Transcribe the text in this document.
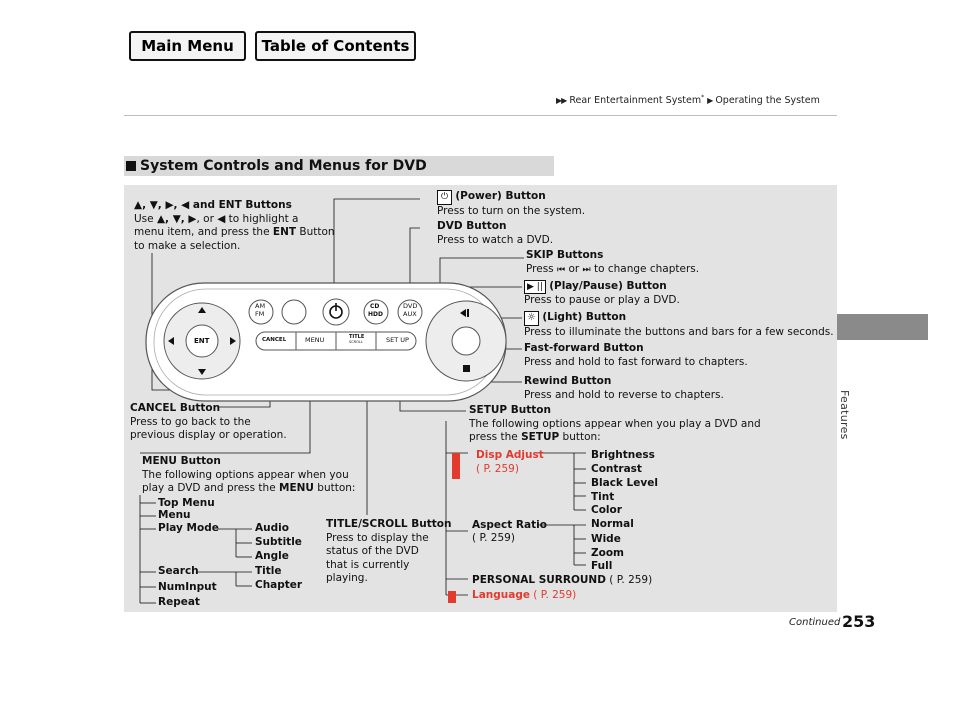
Main Menu	Table of Contents
▶▶ Rear Entertainment System* ▶ Operating the System
Features
System Controls and Menus for DVD
ENT
AM
FM
CD
HDD
DVD
AUX
CANCEL	MENU	TITLE
SCROLL	SET UP
▲, ▼, ▶, ◀ and ENT Buttons
Use ▲, ▼, ▶, or ◀ to highlight a
menu item, and press the ENT Button
to make a selection.
⏻ (Power) Button
Press to turn on the system.
DVD Button
Press to watch a DVD.
SKIP Buttons
Press ⏮ or ⏭ to change chapters.
▶ || (Play/Pause) Button
Press to pause or play a DVD.
☼ (Light) Button
Press to illuminate the buttons and bars for a few seconds.
Fast-forward Button
Press and hold to fast forward to chapters.
Rewind Button
Press and hold to reverse to chapters.
CANCEL Button
Press to go back to the
previous display or operation.
SETUP Button
The following options appear when you play a DVD and
press the SETUP button:
MENU Button
The following options appear when you
play a DVD and press the MENU button:
Top Menu
Menu
Play Mode	Audio
Subtitle
Angle
Search	Title
Chapter
NumInput
Repeat
TITLE/SCROLL Button
Press to display the
status of the DVD
that is currently
playing.
Disp Adjust
( P. 259)
Brightness
Contrast
Black Level
Tint
Color
Aspect Ratio
( P. 259)
Normal
Wide
Zoom
Full
PERSONAL SURROUND ( P. 259)
Language ( P. 259)
Continued 253
